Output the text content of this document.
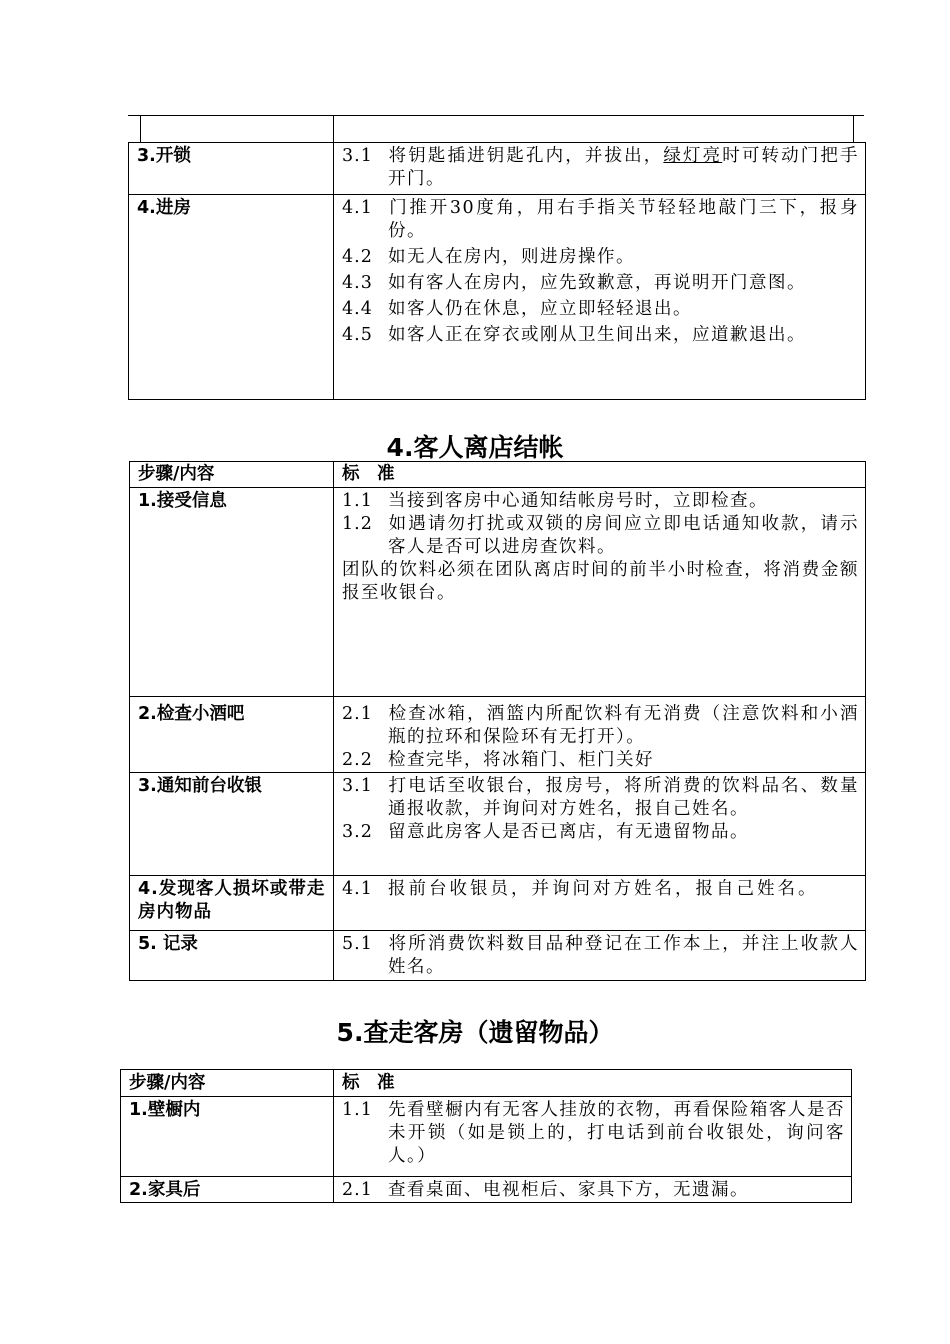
3.开锁	3.1 将钥匙插进钥匙孔内，并拔出，绿灯亮时可转动门把手开门。

4.进房	4.1 门推开30度角，用右手指关节轻轻地敲门三下，报身份。
4.2 如无人在房内，则进房操作。
4.3 如有客人在房内，应先致歉意，再说明开门意图。
4.4 如客人仍在休息，应立即轻轻退出。
4.5 如客人正在穿衣或刚从卫生间出来，应道歉退出。
4.客人离店结帐
步骤/内容	标　准
1.接受信息	1.1 当接到客房中心通知结帐房号时，立即检查。
1.2 如遇请勿打扰或双锁的房间应立即电话通知收款，请示客人是否可以进房查饮料。
团队的饮料必须在团队离店时间的前半小时检查，将消费金额报至收银台。

2.检查小酒吧	2.1 检查冰箱，酒篮内所配饮料有无消费（注意饮料和小酒瓶的拉环和保险环有无打开）。
2.2 检查完毕，将冰箱门、柜门关好

3.通知前台收银	3.1 打电话至收银台，报房号，将所消费的饮料品名、数量通报收款，并询问对方姓名，报自己姓名。
3.2 留意此房客人是否已离店，有无遗留物品。

4.发现客人损坏或带走房内物品	4.1 报前台收银员，并询问对方姓名，报自己姓名。

5. 记录	5.1 将所消费饮料数目品种登记在工作本上，并注上收款人姓名。
5.查走客房（遗留物品）
步骤/内容	标　准
1.壁橱内	1.1 先看壁橱内有无客人挂放的衣物，再看保险箱客人是否未开锁（如是锁上的，打电话到前台收银处，询问客人。）

2.家具后	2.1 查看桌面、电视柜后、家具下方，无遗漏。
